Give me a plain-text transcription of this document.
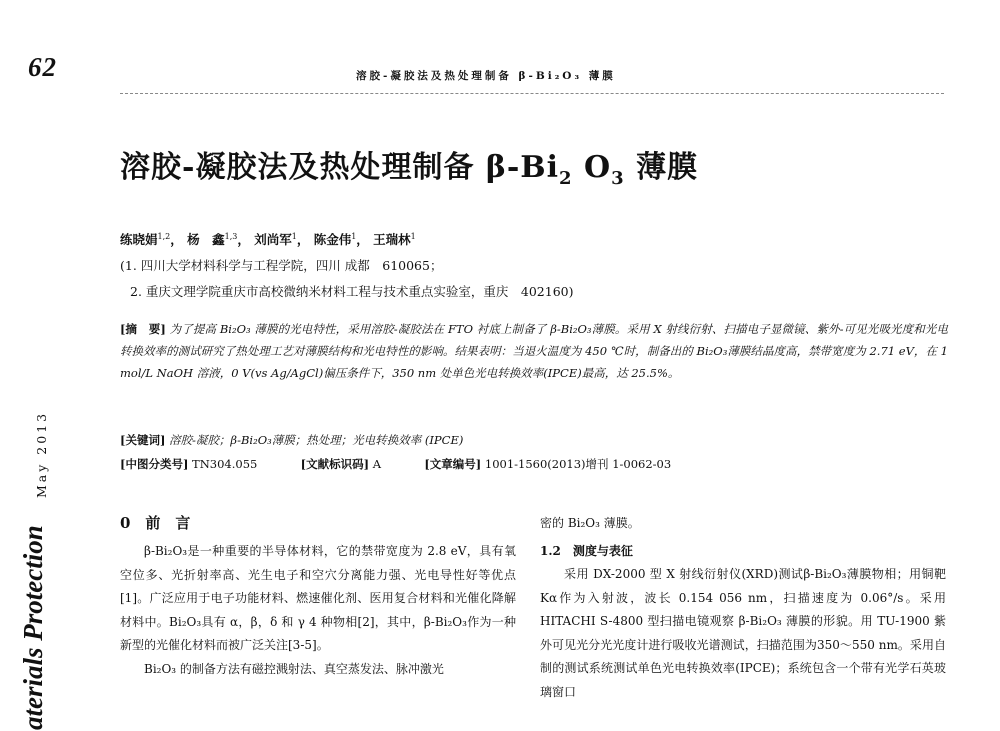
62	溶胶-凝胶法及热处理制备 β-Bi₂O₃ 薄膜
溶胶-凝胶法及热处理制备 $\beta-Bi_2$ $O_3$ 薄膜
练晓娟$^{1,2}$， 杨　鑫$^{1,3}$， 刘尚军$^1$， 陈金伟$^1$， 王瑞林$^1$
(1. 四川大学材料科学与工程学院，四川 成都　610065；
2. 重庆文理学院重庆市高校微纳米材料工程与技术重点实验室，重庆　402160)
[摘　要] 为了提高 Bi₂O₃ 薄膜的光电特性，采用溶胶-凝胶法在 FTO 衬底上制备了 β-Bi₂O₃薄膜。采用 X 射线衍射、扫描电子显微镜、紫外-可见光吸光度和光电转换效率的测试研究了热处理工艺对薄膜结构和光电特性的影响。结果表明：当退火温度为 450 ℃时，制备出的 Bi₂O₃薄膜结晶度高，禁带宽度为 2.71 eV，在 1 mol/L NaOH 溶液，0 V(vs Ag/AgCl)偏压条件下，350 nm 处单色光电转换效率(IPCE)最高，达 25.5%。
[关键词] 溶胶-凝胶；β-Bi₂O₃薄膜；热处理；光电转换效率 (IPCE)
[中图分类号] TN304.055	[文献标识码] A	[文章编号] 1001-1560(2013)增刊 1-0062-03
May 2013
aterials Protection
0　前　言

β-Bi₂O₃是一种重要的半导体材料，它的禁带宽度为 2.8 eV，具有氧空位多、光折射率高、光生电子和空穴分离能力强、光电导性好等优点[1]。广泛应用于电子功能材料、燃速催化剂、医用复合材料和光催化降解材料中。Bi₂O₃具有 α，β，δ 和 γ 4 种物相[2]，其中，β-Bi₂O₃作为一种新型的光催化材料而被广泛关注[3-5]。

Bi₂O₃ 的制备方法有磁控溅射法、真空蒸发法、脉冲激光

密的 Bi₂O₃ 薄膜。

1.2　测度与表征

采用 DX-2000 型 X 射线衍射仪(XRD)测试β-Bi₂O₃薄膜物相；用铜靶 Kα作为入射波，波长 0.154 056 nm，扫描速度为 0.06°/s。采用 HITACHI S-4800 型扫描电镜观察 β-Bi₂O₃ 薄膜的形貌。用 TU-1900 紫外可见光分光光度计进行吸收光谱测试，扫描范围为350～550 nm。采用自制的测试系统测试单色光电转换效率(IPCE)；系统包含一个带有光学石英玻璃窗口
